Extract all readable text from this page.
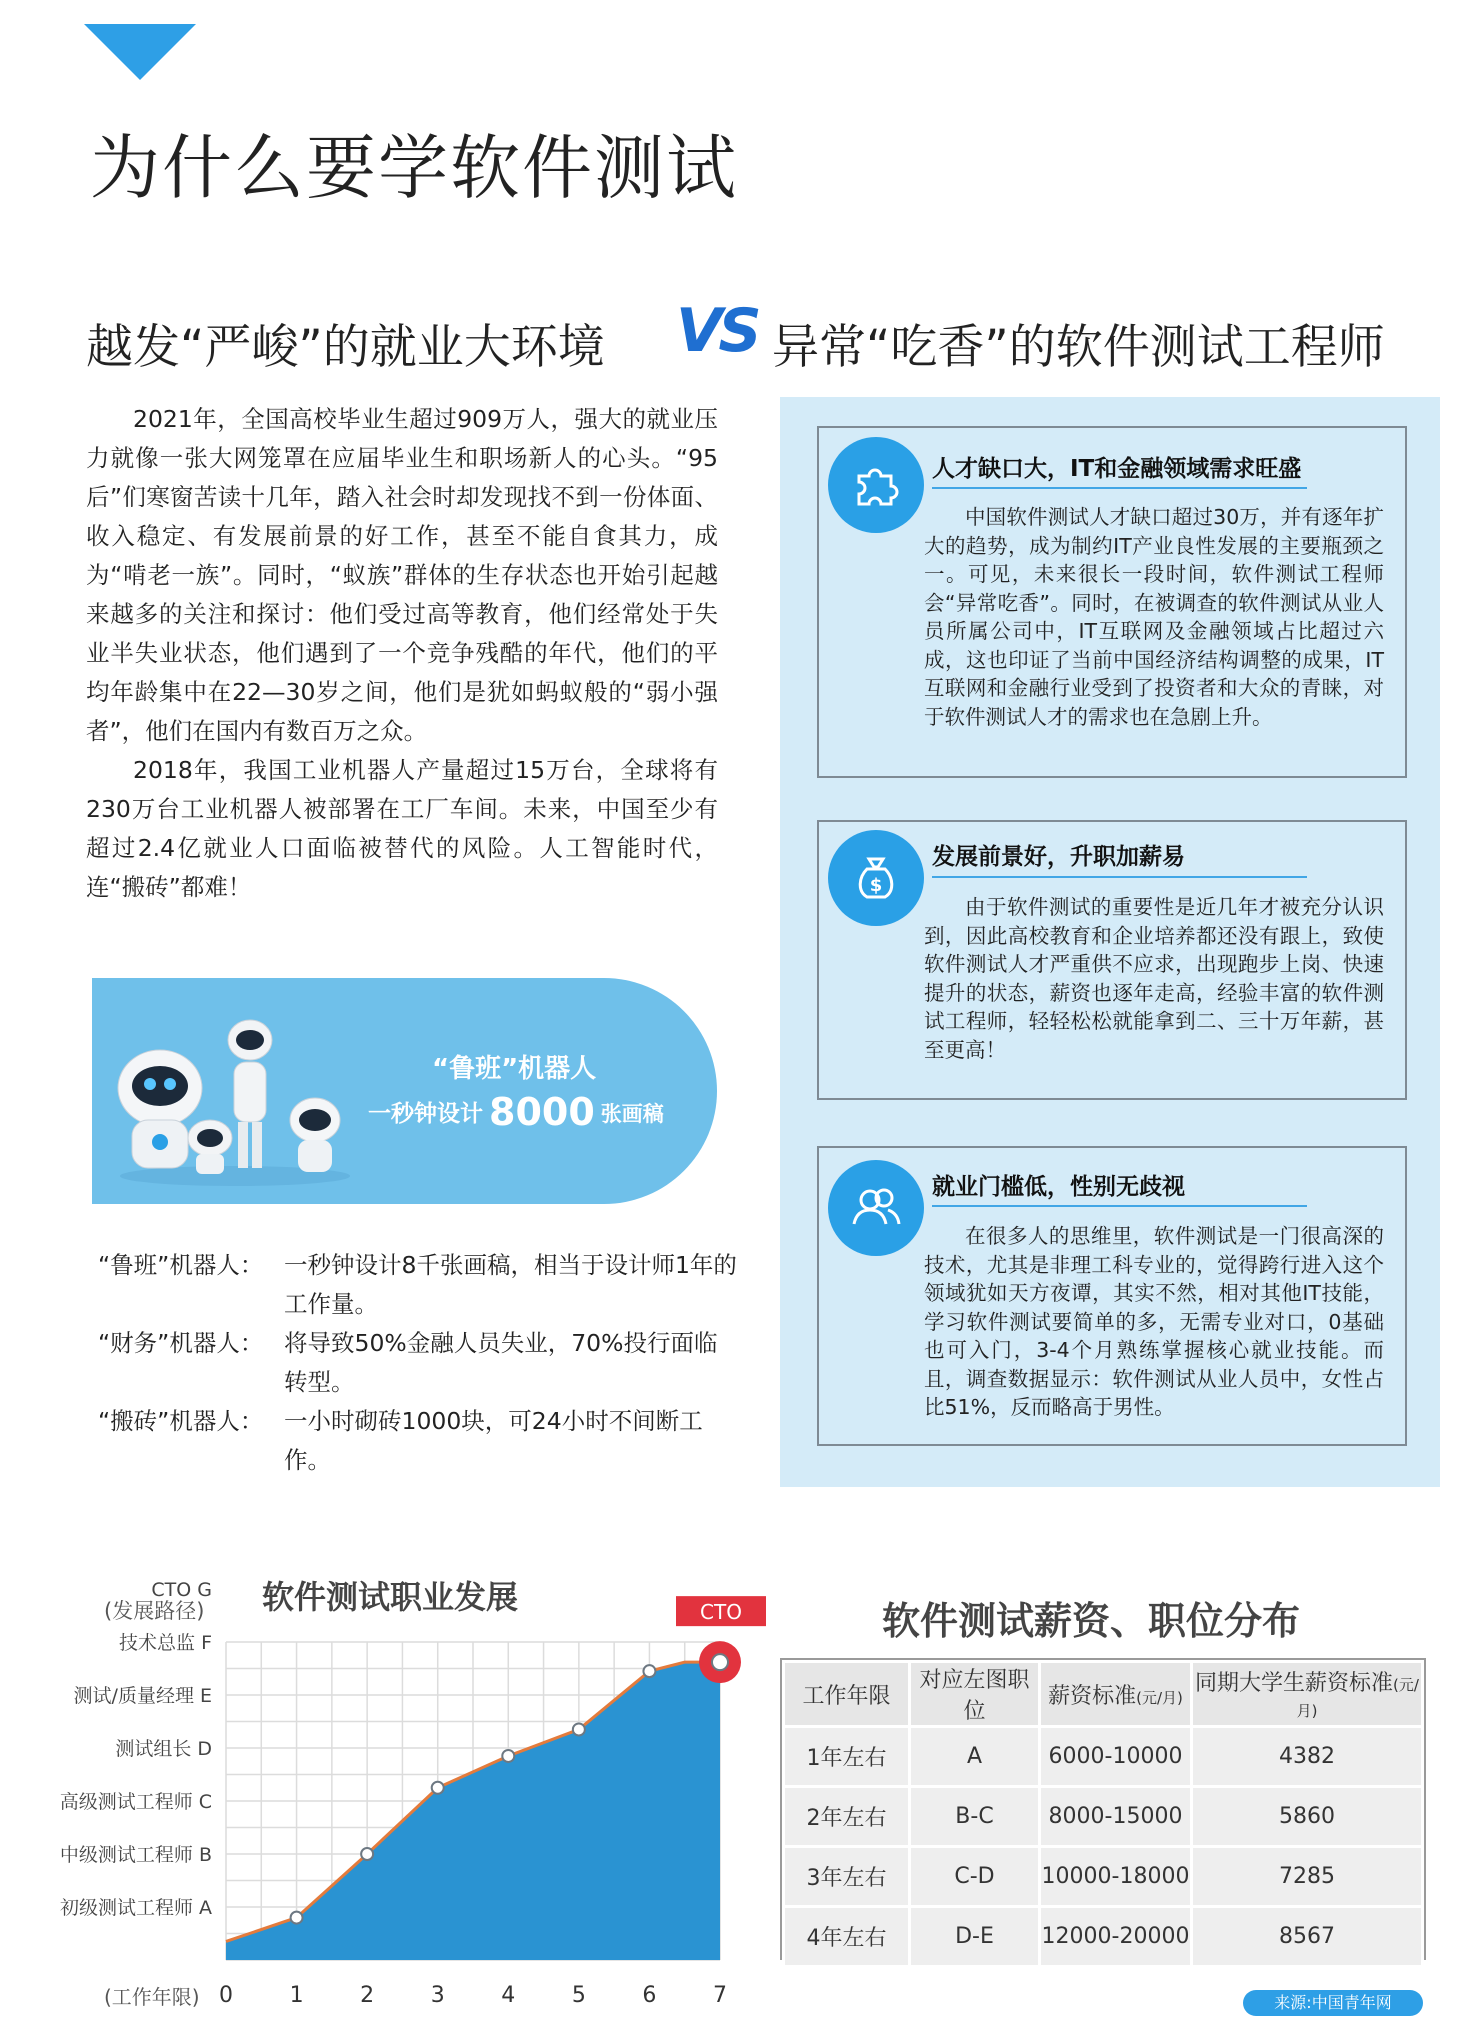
为什么要学软件测试
越发“严峻”的就业大环境 VS 异常“吃香”的软件测试工程师

2021年，全国高校毕业生超过909万人，强大的就业压力就像一张大网笼罩在应届毕业生和职场新人的心头。“95后”们寒窗苦读十几年，踏入社会时却发现找不到一份体面、收入稳定、有发展前景的好工作，甚至不能自食其力，成为“啃老一族”。同时，“蚁族”群体的生存状态也开始引起越来越多的关注和探讨：他们受过高等教育，他们经常处于失业半失业状态，他们遇到了一个竞争残酷的年代，他们的平均年龄集中在22—30岁之间，他们是犹如蚂蚁般的“弱小强者”，他们在国内有数百万之众。

2018年，我国工业机器人产量超过15万台，全球将有230万台工业机器人被部署在工厂车间。未来，中国至少有超过2.4亿就业人口面临被替代的风险。人工智能时代，连“搬砖”都难！

“鲁班”机器人
一秒钟设计 8000 张画稿
“鲁班”机器人： 一秒钟设计8千张画稿，相当于设计师1年的工作量。
“财务”机器人： 将导致50%金融人员失业，70%投行面临转型。
“搬砖”机器人： 一小时砌砖1000块，可24小时不间断工作。
人才缺口大，IT和金融领域需求旺盛

中国软件测试人才缺口超过30万，并有逐年扩大的趋势，成为制约IT产业良性发展的主要瓶颈之一。可见，未来很长一段时间，软件测试工程师会“异常吃香”。同时，在被调查的软件测试从业人员所属公司中，IT互联网及金融领域占比超过六成，这也印证了当前中国经济结构调整的成果，IT互联网和金融行业受到了投资者和大众的青睐，对于软件测试人才的需求也在急剧上升。

$
发展前景好，升职加薪易

由于软件测试的重要性是近几年才被充分认识到，因此高校教育和企业培养都还没有跟上，致使软件测试人才严重供不应求，出现跑步上岗、快速提升的状态，薪资也逐年走高，经验丰富的软件测试工程师，轻轻松松就能拿到二、三十万年薪，甚至更高！

就业门槛低，性别无歧视

在很多人的思维里，软件测试是一门很高深的技术，尤其是非理工科专业的，觉得跨行进入这个领域犹如天方夜谭，其实不然，相对其他IT技能，学习软件测试要简单的多，无需专业对口，0基础也可入门，3-4个月熟练掌握核心就业技能。而且，调查数据显示：软件测试从业人员中，女性占比51%，反而略高于男性。

软件测试职业发展	CTO
初级测试工程师 A
中级测试工程师 B
高级测试工程师 C
测试组长 D
测试/质量经理 E
技术总监 F
CTO G
0	1	2	3	4	5	6	7
(发展路径)
(工作年限)
软件测试薪资、职位分布
工作年限	对应左图职位	薪资标准(元/月)	同期大学生薪资标准(元/月)
1年左右	A	6000-10000	4382
2年左右	B-C	8000-15000	5860
3年左右	C-D	10000-18000	7285
4年左右	D-E	12000-20000	8567
来源:中国青年网
